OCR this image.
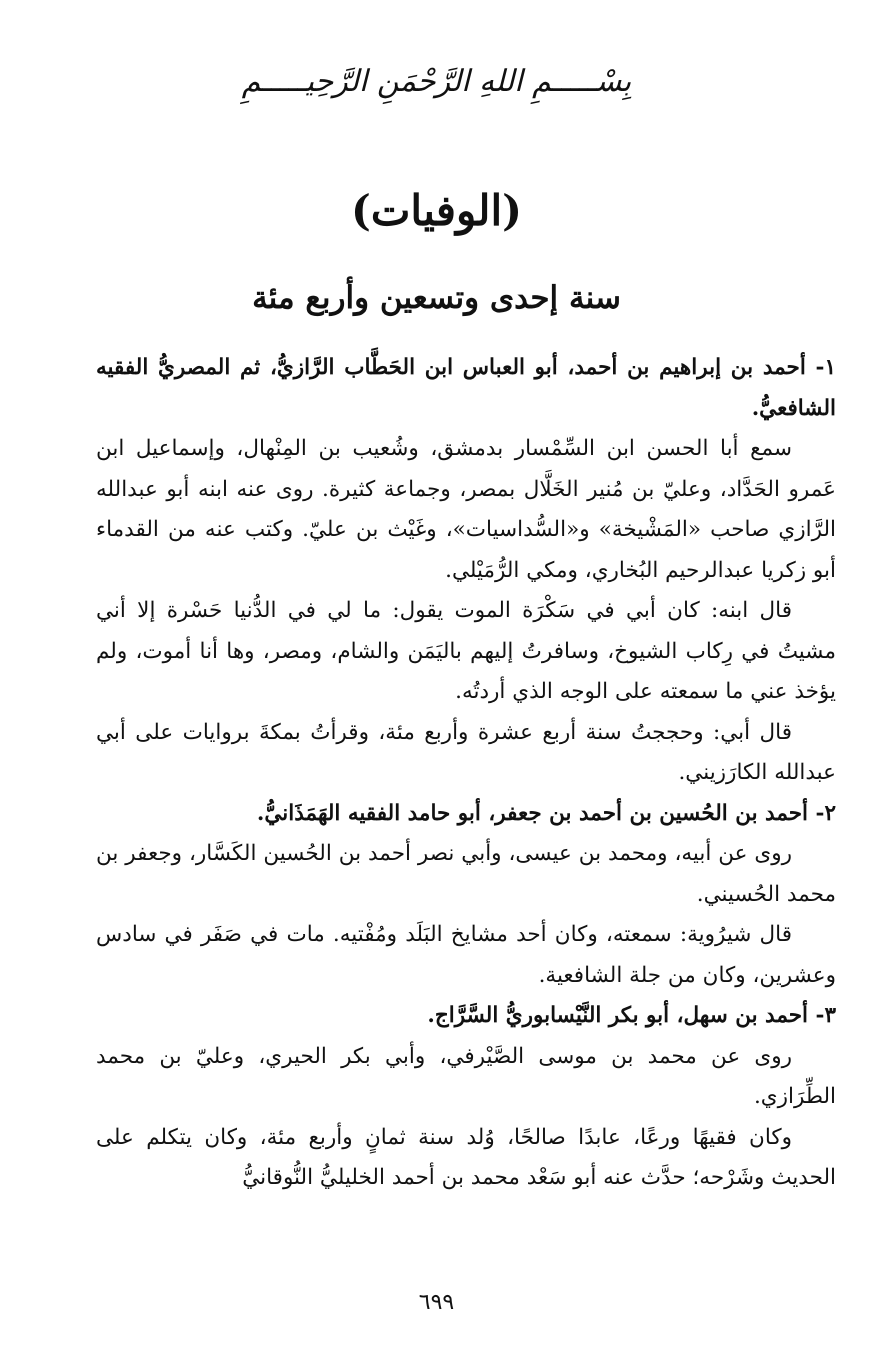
بِسْـــــمِ اللهِ الرَّحْمَنِ الرَّحِيـــــمِ
(الوفيات)
سنة إحدى وتسعين وأربع مئة

١- أحمد بن إبراهيم بن أحمد، أبو العباس ابن الحَطَّاب الرَّازيُّ، ثم المصريُّ الفقيه الشافعيُّ.

سمع أبا الحسن ابن السِّمْسار بدمشق، وشُعيب بن المِنْهال، وإسماعيل ابن عَمرو الحَدَّاد، وعليّ بن مُنير الخَلَّال بمصر، وجماعة كثيرة. روى عنه ابنه أبو عبدالله الرَّازي صاحب «المَشْيخة» و«السُّداسيات»، وغَيْث بن عليّ. وكتب عنه من القدماء أبو زكريا عبدالرحيم البُخاري، ومكي الرُّمَيْلي.

قال ابنه: كان أبي في سَكْرَة الموت يقول: ما لي في الدُّنيا حَسْرة إلا أني مشيتُ في رِكاب الشيوخ، وسافرتُ إليهم باليَمَن والشام، ومصر، وها أنا أموت، ولم يؤخذ عني ما سمعته على الوجه الذي أردتُه.

قال أبي: وحججتُ سنة أربع عشرة وأربع مئة، وقرأتُ بمكةَ بروايات على أبي عبدالله الكارَزيني.

٢- أحمد بن الحُسين بن أحمد بن جعفر، أبو حامد الفقيه الهَمَذَانيُّ.

روى عن أبيه، ومحمد بن عيسى، وأبي نصر أحمد بن الحُسين الكَسَّار، وجعفر بن محمد الحُسيني.

قال شيرُوية: سمعته، وكان أحد مشايخ البَلَد ومُفْتيه. مات في صَفَر في سادس وعشرين، وكان من جلة الشافعية.

٣- أحمد بن سهل، أبو بكر النَّيْسابوريُّ السَّرَّاج.

روى عن محمد بن موسى الصَّيْرفي، وأبي بكر الحيري، وعليّ بن محمد الطِّرَازي.

وكان فقيهًا ورعًا، عابدًا صالحًا، وُلد سنة ثمانٍ وأربع مئة، وكان يتكلم على الحديث وشَرْحه؛ حدَّث عنه أبو سَعْد محمد بن أحمد الخليليُّ النُّوقانيُّ

٦٩٩
